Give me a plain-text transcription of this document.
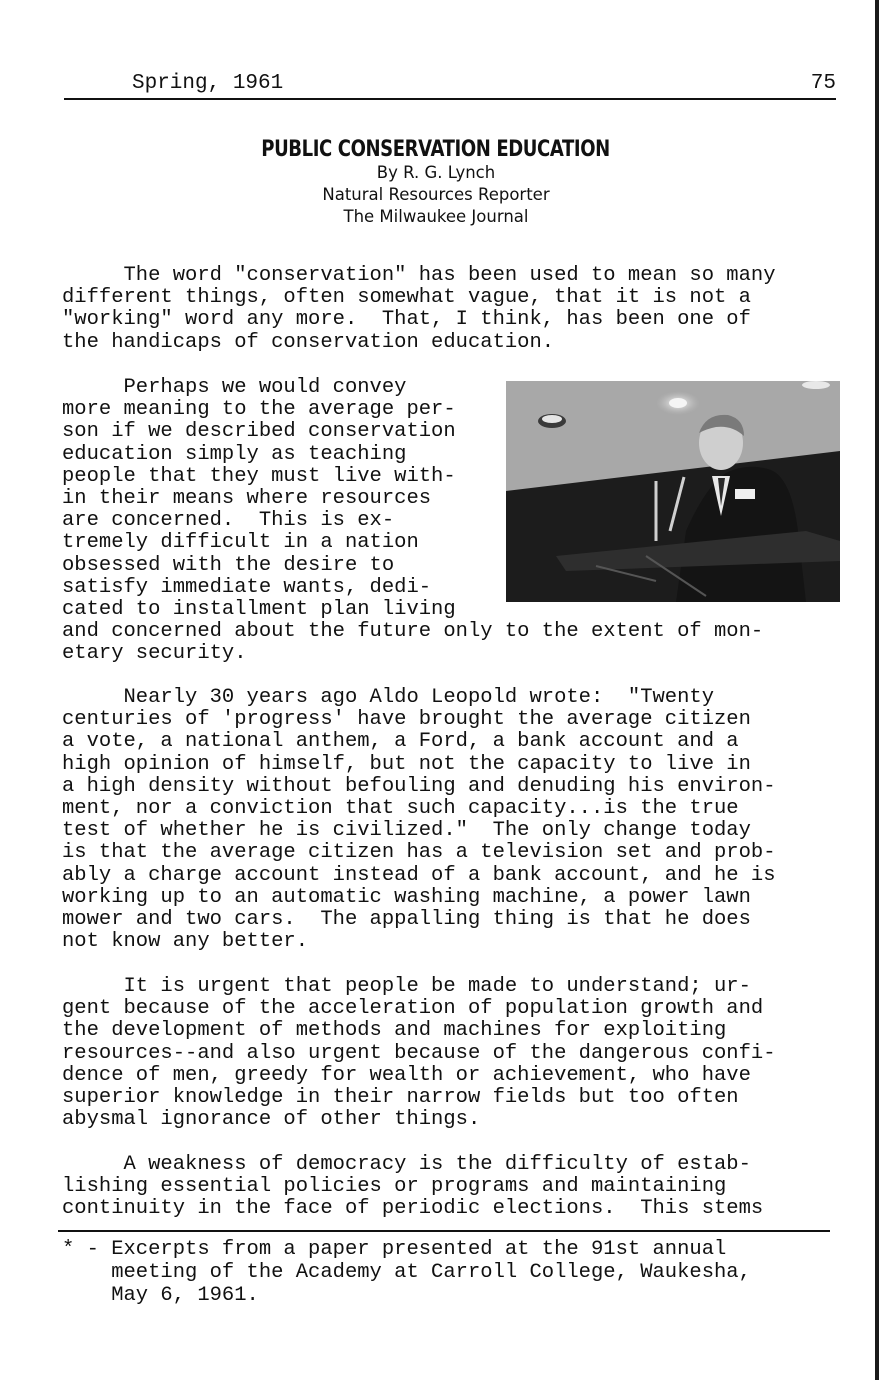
Spring, 1961	75
PUBLIC CONSERVATION EDUCATION
By R. G. Lynch
Natural Resources Reporter
The Milwaukee Journal

The word "conservation" has been used to mean so many
different things, often somewhat vague, that it is not a
"working" word any more.  That, I think, has been one of
the handicaps of conservation education.

Perhaps we would convey
more meaning to the average per-
son if we described conservation
education simply as teaching
people that they must live with-
in their means where resources
are concerned.  This is ex-
tremely difficult in a nation
obsessed with the desire to
satisfy immediate wants, dedi-
cated to installment plan living
and concerned about the future only to the extent of mon-
etary security.

Nearly 30 years ago Aldo Leopold wrote:  "Twenty
centuries of 'progress' have brought the average citizen
a vote, a national anthem, a Ford, a bank account and a
high opinion of himself, but not the capacity to live in
a high density without befouling and denuding his environ-
ment, nor a conviction that such capacity...is the true
test of whether he is civilized."  The only change today
is that the average citizen has a television set and prob-
ably a charge account instead of a bank account, and he is
working up to an automatic washing machine, a power lawn
mower and two cars.  The appalling thing is that he does
not know any better.

It is urgent that people be made to understand; ur-
gent because of the acceleration of population growth and
the development of methods and machines for exploiting
resources--and also urgent because of the dangerous confi-
dence of men, greedy for wealth or achievement, who have
superior knowledge in their narrow fields but too often
abysmal ignorance of other things.

A weakness of democracy is the difficulty of estab-
lishing essential policies or programs and maintaining
continuity in the face of periodic elections.  This stems

* - Excerpts from a paper presented at the 91st annual
meeting of the Academy at Carroll College, Waukesha,
May 6, 1961.
